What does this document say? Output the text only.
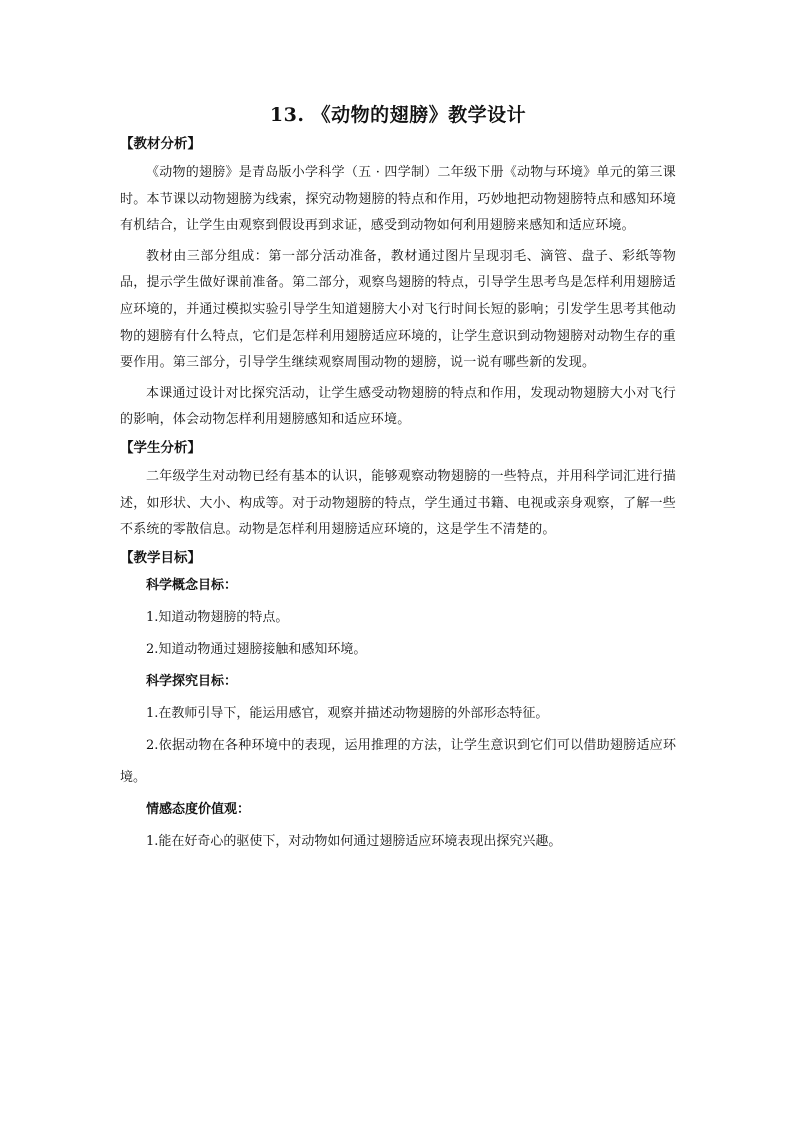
13. 《动物的翅膀》教学设计
【教材分析】

《动物的翅膀》是青岛版小学科学（五 · 四学制）二年级下册《动物与环境》单元的第三课时。本节课以动物翅膀为线索，探究动物翅膀的特点和作用，巧妙地把动物翅膀特点和感知环境有机结合，让学生由观察到假设再到求证，感受到动物如何利用翅膀来感知和适应环境。

教材由三部分组成：第一部分活动准备，教材通过图片呈现羽毛、滴管、盘子、彩纸等物品，提示学生做好课前准备。第二部分，观察鸟翅膀的特点，引导学生思考鸟是怎样利用翅膀适应环境的，并通过模拟实验引导学生知道翅膀大小对飞行时间长短的影响；引发学生思考其他动物的翅膀有什么特点，它们是怎样利用翅膀适应环境的，让学生意识到动物翅膀对动物生存的重要作用。第三部分，引导学生继续观察周围动物的翅膀，说一说有哪些新的发现。

本课通过设计对比探究活动，让学生感受动物翅膀的特点和作用，发现动物翅膀大小对飞行的影响，体会动物怎样利用翅膀感知和适应环境。

【学生分析】

二年级学生对动物已经有基本的认识，能够观察动物翅膀的一些特点，并用科学词汇进行描述，如形状、大小、构成等。对于动物翅膀的特点，学生通过书籍、电视或亲身观察，了解一些不系统的零散信息。动物是怎样利用翅膀适应环境的，这是学生不清楚的。

【教学目标】

科学概念目标：

1.知道动物翅膀的特点。

2.知道动物通过翅膀接触和感知环境。

科学探究目标：

1.在教师引导下，能运用感官，观察并描述动物翅膀的外部形态特征。

2.依据动物在各种环境中的表现，运用推理的方法，让学生意识到它们可以借助翅膀适应环境。

情感态度价值观：

1.能在好奇心的驱使下，对动物如何通过翅膀适应环境表现出探究兴趣。
